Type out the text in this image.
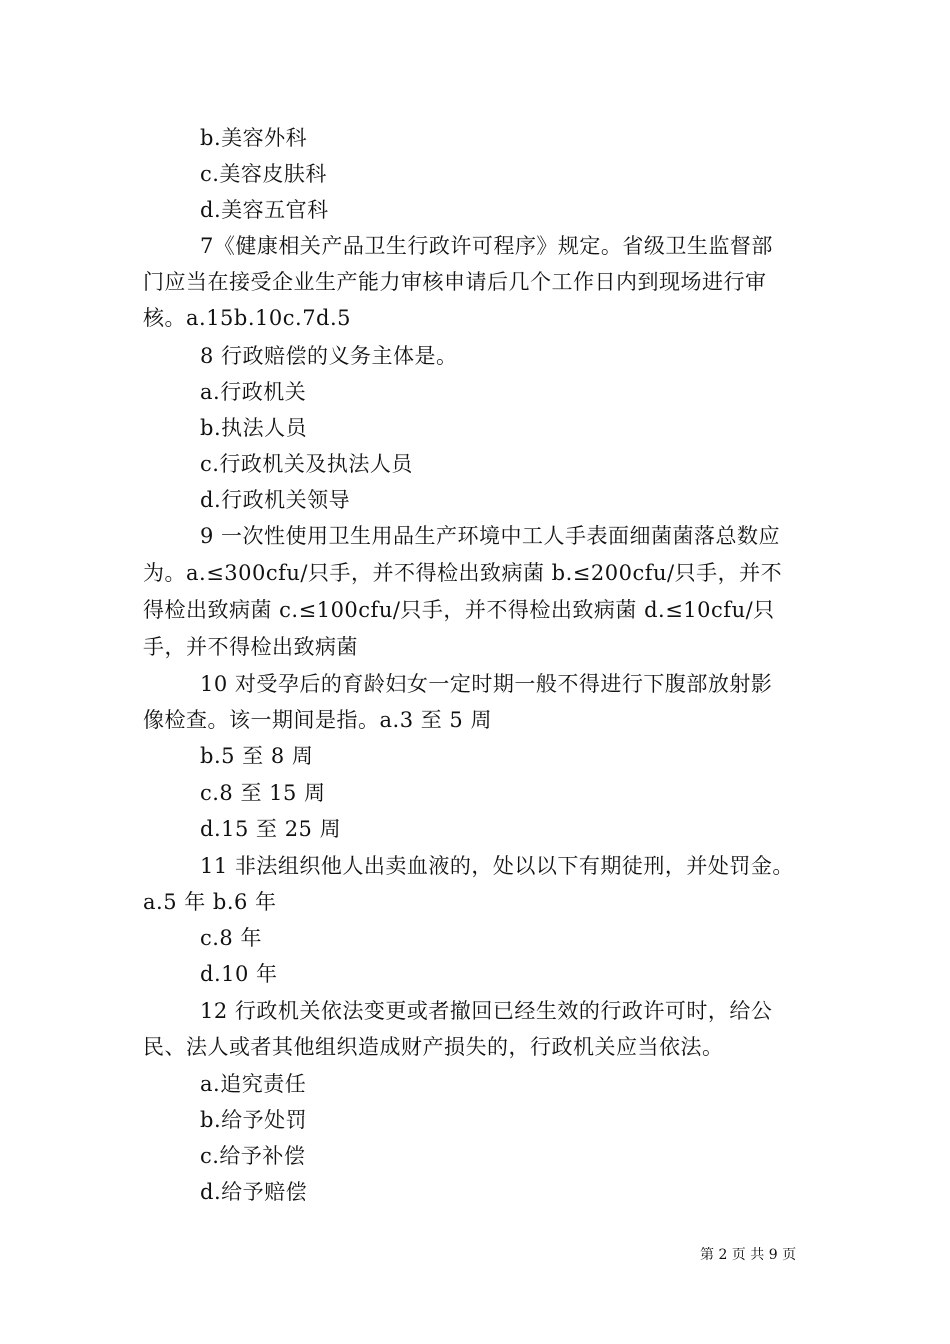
b.美容外科
c.美容皮肤科
d.美容五官科
7《健康相关产品卫生行政许可程序》规定。省级卫生监督部
门应当在接受企业生产能力审核申请后几个工作日内到现场进行审
核。a.15b.10c.7d.5
8 行政赔偿的义务主体是。
a.行政机关
b.执法人员
c.行政机关及执法人员
d.行政机关领导
9 一次性使用卫生用品生产环境中工人手表面细菌菌落总数应
为。a.≤300cfu/只手，并不得检出致病菌 b.≤200cfu/只手，并不
得检出致病菌 c.≤100cfu/只手，并不得检出致病菌 d.≤10cfu/只
手，并不得检出致病菌
10 对受孕后的育龄妇女一定时期一般不得进行下腹部放射影
像检查。该一期间是指。a.3 至 5 周
b.5 至 8 周
c.8 至 15 周
d.15 至 25 周
11 非法组织他人出卖血液的，处以以下有期徒刑，并处罚金。
a.5 年 b.6 年
c.8 年
d.10 年
12 行政机关依法变更或者撤回已经生效的行政许可时，给公
民、法人或者其他组织造成财产损失的，行政机关应当依法。
a.追究责任
b.给予处罚
c.给予补偿
d.给予赔偿
第 2 页 共 9 页
